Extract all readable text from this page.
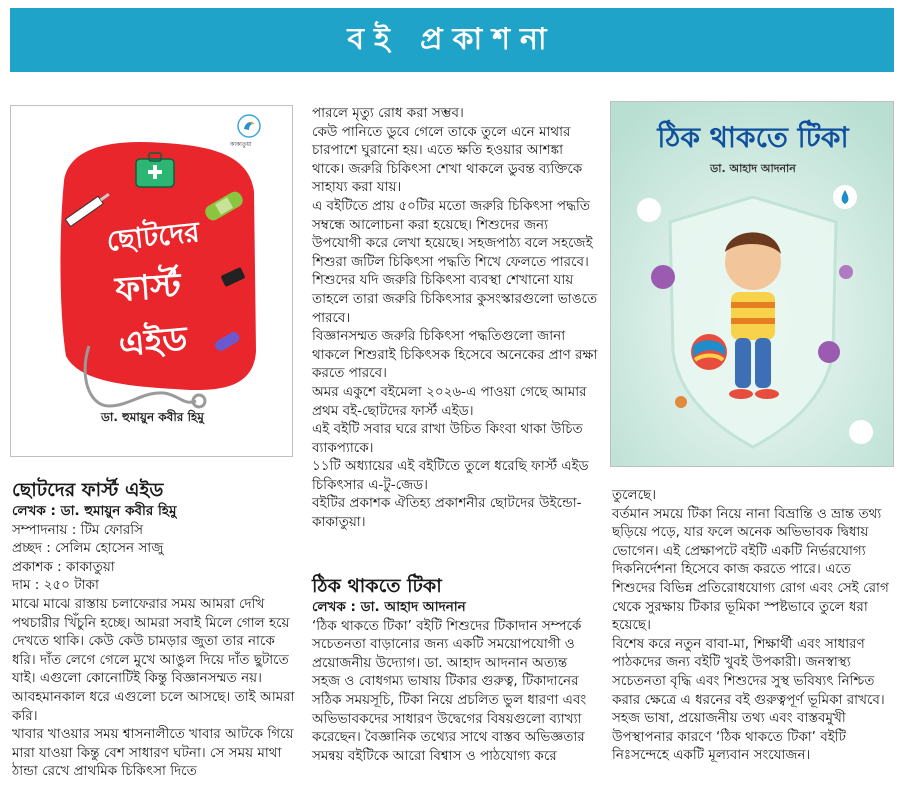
বই প্রকাশনা
কাকাতুয়া
ছোটদের
ফার্স্ট
এইড
ডা. হুমায়ুন কবীর হিমু
ঠিক থাকতে টিকা
ডা. আহাদ আদনান

ছোটদের ফার্স্ট এইড

লেখক : ডা. হুমায়ুন কবীর হিমু

সম্পাদনায় : টিম ফোরসি

প্রচ্ছদ : সেলিম হোসেন সাজু

প্রকাশক : কাকাতুয়া

দাম : ২৫০ টাকা

মাঝে মাঝে রাস্তায় চলাফেরার সময় আমরা দেখি পথচারীর খিঁচুনি হচ্ছে। আমরা সবাই মিলে গোল হয়ে দেখতে থাকি। কেউ কেউ চামড়ার জুতা তার নাকে ধরি। দাঁত লেগে গেলে মুখে আঙুল দিয়ে দাঁত ছুটাতে যাই। এগুলো কোনোটিই কিন্তু বিজ্ঞানসম্মত নয়। আবহমানকাল ধরে এগুলো চলে আসছে। তাই আমরা করি।

খাবার খাওয়ার সময় শ্বাসনালীতে খাবার আটকে গিয়ে মারা যাওয়া কিন্তু বেশ সাধারণ ঘটনা। সে সময় মাথা ঠান্ডা রেখে প্রাথমিক চিকিৎসা দিতে

পারলে মৃত্যু রোধ করা সম্ভব।

কেউ পানিতে ডুবে গেলে তাকে তুলে এনে মাথার চারপাশে ঘুরানো হয়। এতে ক্ষতি হওয়ার আশঙ্কা থাকে। জরুরি চিকিৎসা শেখা থাকলে ডুবন্ত ব্যক্তিকে সাহায্য করা যায়।

এ বইটিতে প্রায় ৫০টির মতো জরুরি চিকিৎসা পদ্ধতি সম্বন্ধে আলোচনা করা হয়েছে। শিশুদের জন্য উপযোগী করে লেখা হয়েছে। সহজপাঠ্য বলে সহজেই শিশুরা জটিল চিকিৎসা পদ্ধতি শিখে ফেলতে পারবে। শিশুদের যদি জরুরি চিকিৎসা ব্যবস্থা শেখানো যায় তাহলে তারা জরুরি চিকিৎসার কুসংস্কারগুলো ভাঙতে পারবে।

বিজ্ঞানসম্মত জরুরি চিকিৎসা পদ্ধতিগুলো জানা থাকলে শিশুরাই চিকিৎসক হিসেবে অনেকের প্রাণ রক্ষা করতে পারবে।

অমর একুশে বইমেলা ২০২৬-এ পাওয়া গেছে আমার প্রথম বই-ছোটদের ফার্স্ট এইড।

এই বইটি সবার ঘরে রাখা উচিত কিংবা থাকা উচিত ব্যাকপ্যাকে।

১১টি অধ্যায়ের এই বইটিতে তুলে ধরেছি ফার্স্ট এইড চিকিৎসার এ-টু-জেড।

বইটির প্রকাশক ঐতিহ্য প্রকাশনীর ছোটদের উইন্ডো-কাকাতুয়া।

ঠিক থাকতে টিকা

লেখক : ডা. আহাদ আদনান

‘ঠিক থাকতে টিকা’ বইটি শিশুদের টিকাদান সম্পর্কে সচেতনতা বাড়ানোর জন্য একটি সময়োপযোগী ও প্রয়োজনীয় উদ্যোগ। ডা. আহাদ আদনান অত্যন্ত সহজ ও বোধগম্য ভাষায় টিকার গুরুত্ব, টিকাদানের সঠিক সময়সূচি, টিকা নিয়ে প্রচলিত ভুল ধারণা এবং অভিভাবকদের সাধারণ উদ্বেগের বিষয়গুলো ব্যাখ্যা করেছেন। বৈজ্ঞানিক তথ্যের সাথে বাস্তব অভিজ্ঞতার সমন্বয় বইটিকে আরো বিশ্বাস ও পাঠযোগ্য করে

তুলেছে।

বর্তমান সময়ে টিকা নিয়ে নানা বিভ্রান্তি ও ভ্রান্ত তথ্য ছড়িয়ে পড়ে, যার ফলে অনেক অভিভাবক দ্বিধায় ভোগেন। এই প্রেক্ষাপটে বইটি একটি নির্ভরযোগ্য দিকনির্দেশনা হিসেবে কাজ করতে পারে। এতে শিশুদের বিভিন্ন প্রতিরোধযোগ্য রোগ এবং সেই রোগ থেকে সুরক্ষায় টিকার ভূমিকা স্পষ্টভাবে তুলে ধরা হয়েছে।

বিশেষ করে নতুন বাবা-মা, শিক্ষার্থী এবং সাধারণ পাঠকদের জন্য বইটি খুবই উপকারী। জনস্বাস্থ্য সচেতনতা বৃদ্ধি এবং শিশুদের সুস্থ ভবিষ্যৎ নিশ্চিত করার ক্ষেত্রে এ ধরনের বই গুরুত্বপূর্ণ ভূমিকা রাখবে। সহজ ভাষা, প্রয়োজনীয় তথ্য এবং বাস্তবমুখী উপস্থাপনার কারণে ‘ঠিক থাকতে টিকা’ বইটি নিঃসন্দেহে একটি মূল্যবান সংযোজন।
